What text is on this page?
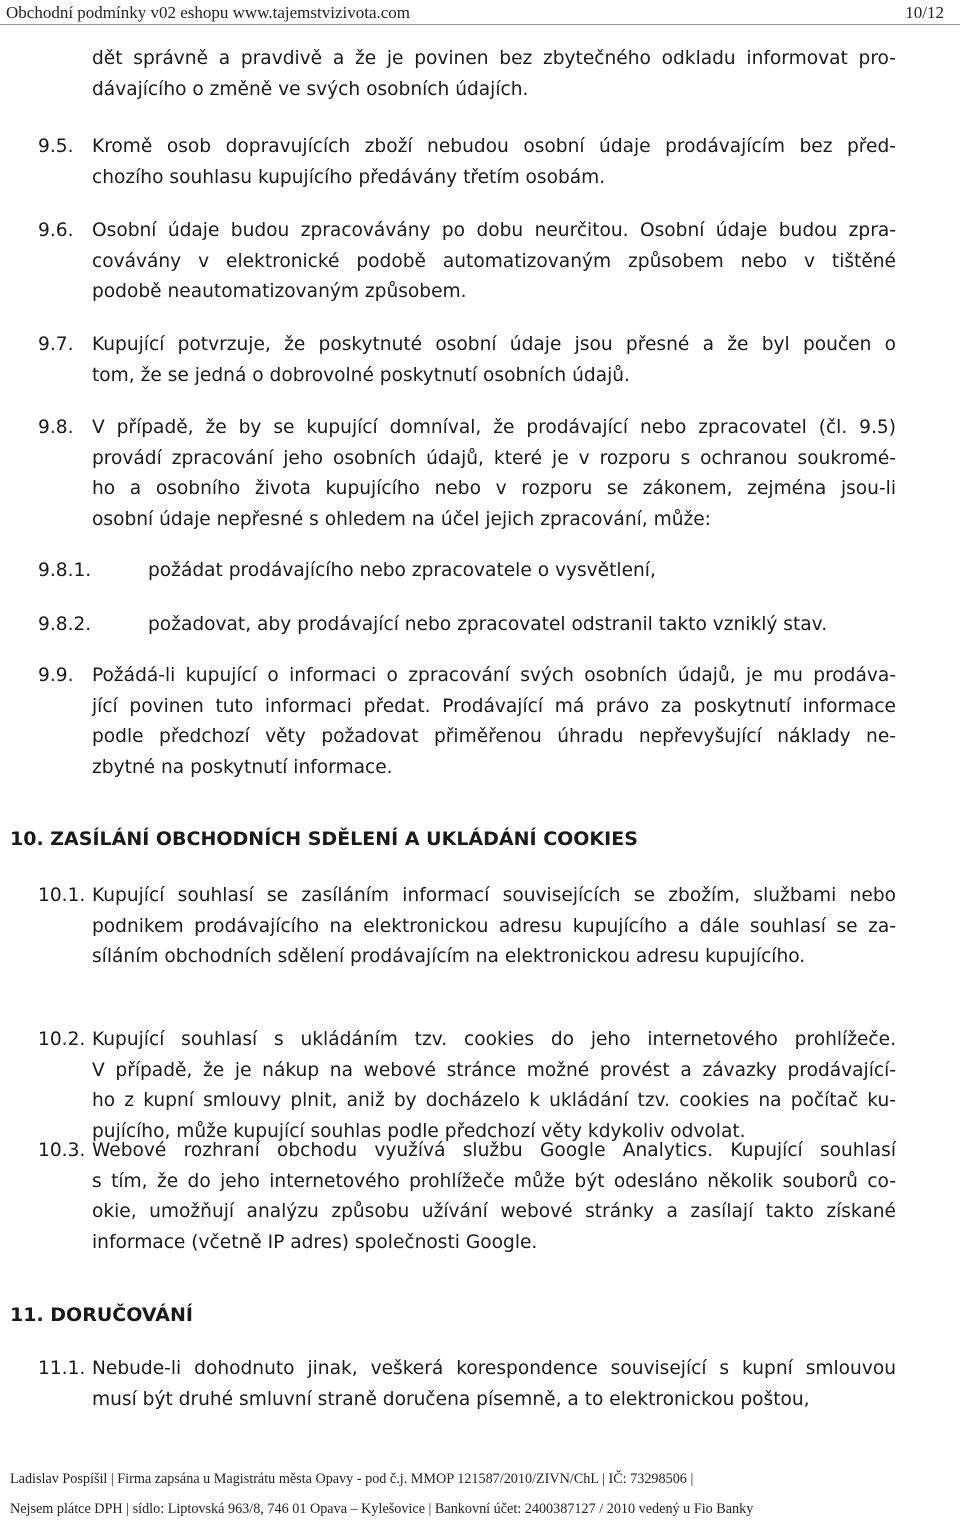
Obchodní podmínky v02 eshopu www.tajemstvizivota.com	10/12
dět správně a pravdivě a že je povinen bez zbytečného odkladu informovat pro-
dávajícího o změně ve svých osobních údajích.
9.5. Kromě osob dopravujících zboží nebudou osobní údaje prodávajícím bez před-
chozího souhlasu kupujícího předávány třetím osobám.
9.6. Osobní údaje budou zpracovávány po dobu neurčitou. Osobní údaje budou zpra-
covávány v elektronické podobě automatizovaným způsobem nebo v tištěné
podobě neautomatizovaným způsobem.
9.7. Kupující potvrzuje, že poskytnuté osobní údaje jsou přesné a že byl poučen o
tom, že se jedná o dobrovolné poskytnutí osobních údajů.
9.8. V případě, že by se kupující domníval, že prodávající nebo zpracovatel (čl. 9.5)
provádí zpracování jeho osobních údajů, které je v rozporu s ochranou soukromé-
ho a osobního života kupujícího nebo v rozporu se zákonem, zejména jsou-li
osobní údaje nepřesné s ohledem na účel jejich zpracování, může:
9.8.1.	požádat prodávajícího nebo zpracovatele o vysvětlení,
9.8.2.	požadovat, aby prodávající nebo zpracovatel odstranil takto vzniklý stav.
9.9. Požádá-li kupující o informaci o zpracování svých osobních údajů, je mu prodáva-
jící povinen tuto informaci předat. Prodávající má právo za poskytnutí informace
podle předchozí věty požadovat přiměřenou úhradu nepřevyšující náklady ne-
zbytné na poskytnutí informace.
10.1. Kupující souhlasí se zasíláním informací souvisejících se zbožím, službami nebo
podnikem prodávajícího na elektronickou adresu kupujícího a dále souhlasí se za-
síláním obchodních sdělení prodávajícím na elektronickou adresu kupujícího.
10.2. Kupující souhlasí s ukládáním tzv. cookies do jeho internetového prohlížeče.
V případě, že je nákup na webové stránce možné provést a závazky prodávající-
ho z kupní smlouvy plnit, aniž by docházelo k ukládání tzv. cookies na počítač ku-
pujícího, může kupující souhlas podle předchozí věty kdykoliv odvolat.
10.3. Webové rozhraní obchodu využívá službu Google Analytics. Kupující souhlasí
s tím, že do jeho internetového prohlížeče může být odesláno několik souborů co-
okie, umožňují analýzu způsobu užívání webové stránky a zasílají takto získané
informace (včetně IP adres) společnosti Google.
11.1. Nebude-li dohodnuto jinak, veškerá korespondence související s kupní smlouvou
musí být druhé smluvní straně doručena písemně, a to elektronickou poštou,
10. ZASÍLÁNÍ OBCHODNÍCH SDĚLENÍ A UKLÁDÁNÍ COOKIES
11. DORUČOVÁNÍ
Ladislav Pospíšil | Firma zapsána u Magistrátu města Opavy - pod č.j. MMOP 121587/2010/ZIVN/ChL | IČ: 73298506 |
Nejsem plátce DPH | sídlo: Liptovská 963/8, 746 01 Opava – Kylešovice | Bankovní účet: 2400387127 / 2010 vedený u Fio Banky
